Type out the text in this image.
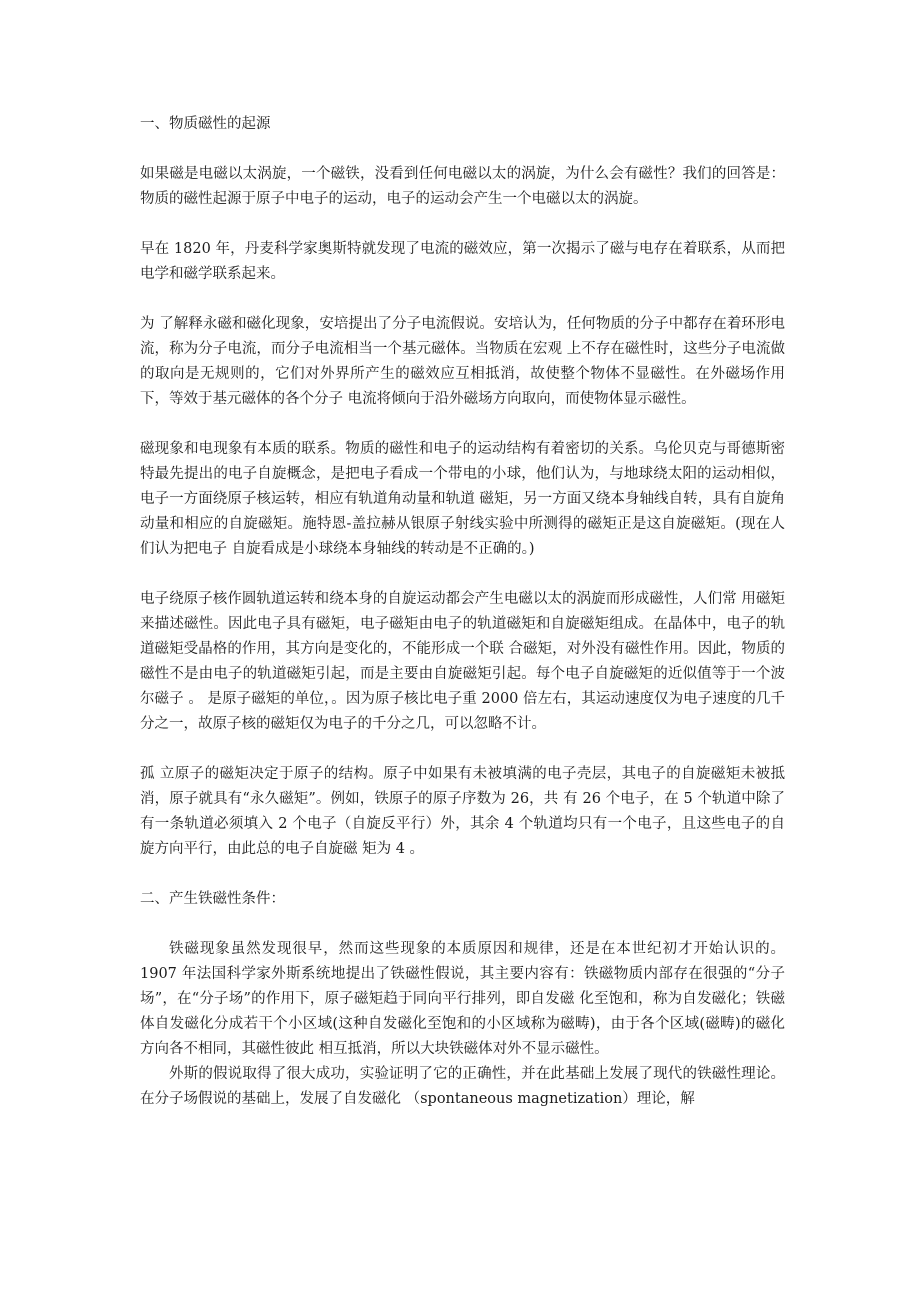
一、物质磁性的起源

如果磁是电磁以太涡旋，一个磁铁，没看到任何电磁以太的涡旋，为什么会有磁性？我们的回答是：物质的磁性起源于原子中电子的运动，电子的运动会产生一个电磁以太的涡旋。

早在 1820 年，丹麦科学家奥斯特就发现了电流的磁效应，第一次揭示了磁与电存在着联系，从而把电学和磁学联系起来。

为 了解释永磁和磁化现象，安培提出了分子电流假说。安培认为，任何物质的分子中都存在着环形电流，称为分子电流，而分子电流相当一个基元磁体。当物质在宏观 上不存在磁性时，这些分子电流做的取向是无规则的，它们对外界所产生的磁效应互相抵消，故使整个物体不显磁性。在外磁场作用下，等效于基元磁体的各个分子 电流将倾向于沿外磁场方向取向，而使物体显示磁性。

磁现象和电现象有本质的联系。物质的磁性和电子的运动结构有着密切的关系。乌伦贝克与哥德斯密特最先提出的电子自旋概念，是把电子看成一个带电的小球，他们认为，与地球绕太阳的运动相似，电子一方面绕原子核运转，相应有轨道角动量和轨道 磁矩，另一方面又绕本身轴线自转，具有自旋角动量和相应的自旋磁矩。施特恩-盖拉赫从银原子射线实验中所测得的磁矩正是这自旋磁矩。(现在人们认为把电子 自旋看成是小球绕本身轴线的转动是不正确的。)

电子绕原子核作圆轨道运转和绕本身的自旋运动都会产生电磁以太的涡旋而形成磁性，人们常 用磁矩来描述磁性。因此电子具有磁矩，电子磁矩由电子的轨道磁矩和自旋磁矩组成。在晶体中，电子的轨道磁矩受晶格的作用，其方向是变化的，不能形成一个联 合磁矩，对外没有磁性作用。因此，物质的磁性不是由电子的轨道磁矩引起，而是主要由自旋磁矩引起。每个电子自旋磁矩的近似值等于一个波尔磁子 。 是原子磁矩的单位，。因为原子核比电子重 2000 倍左右，其运动速度仅为电子速度的几千分之一，故原子核的磁矩仅为电子的千分之几，可以忽略不计。

孤 立原子的磁矩决定于原子的结构。原子中如果有未被填满的电子壳层，其电子的自旋磁矩未被抵消，原子就具有“永久磁矩”。例如，铁原子的原子序数为 26，共 有 26 个电子，在 5 个轨道中除了有一条轨道必须填入 2 个电子（自旋反平行）外，其余 4 个轨道均只有一个电子，且这些电子的自旋方向平行，由此总的电子自旋磁 矩为 4 。

二、产生铁磁性条件：

铁磁现象虽然发现很早，然而这些现象的本质原因和规律，还是在本世纪初才开始认识的。1907 年法国科学家外斯系统地提出了铁磁性假说，其主要内容有：铁磁物质内部存在很强的“分子场”，在“分子场”的作用下，原子磁矩趋于同向平行排列，即自发磁 化至饱和，称为自发磁化；铁磁体自发磁化分成若干个小区域(这种自发磁化至饱和的小区域称为磁畴)，由于各个区域(磁畴)的磁化方向各不相同，其磁性彼此 相互抵消，所以大块铁磁体对外不显示磁性。

外斯的假说取得了很大成功，实验证明了它的正确性，并在此基础上发展了现代的铁磁性理论。在分子场假说的基础上，发展了自发磁化 （spontaneous magnetization）理论，解
